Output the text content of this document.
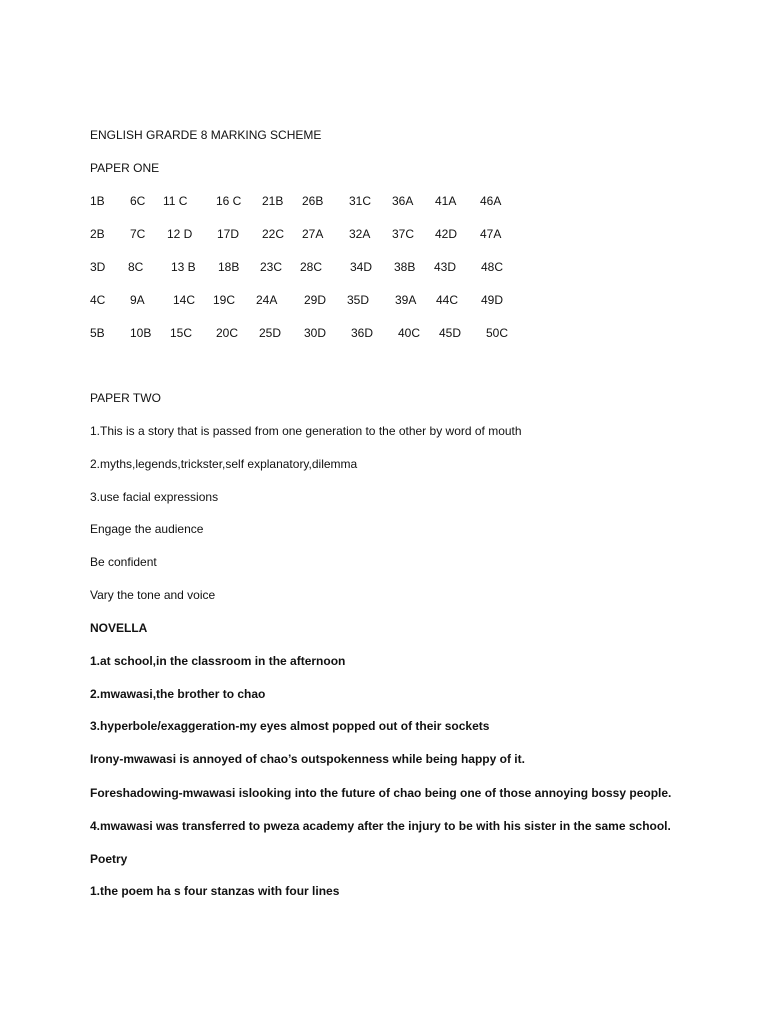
ENGLISH GRARDE 8 MARKING SCHEME
PAPER ONE
1B 6C 11 C 16 C 21B 26B 31C 36A 41A 46A
2B 7C 12 D 17D 22C 27A 32A 37C 42D 47A
3D 8C 13 B 18B 23C 28C 34D 38B 43D 48C
4C 9A 14C 19C 24A 29D 35D 39A 44C 49D
5B 10B 15C 20C 25D 30D 36D 40C 45D 50C
PAPER TWO
1.This is a story that is passed from one generation to the other by word of mouth
2.myths,legends,trickster,self explanatory,dilemma
3.use facial expressions
Engage the audience
Be confident
Vary the tone and voice
NOVELLA
1.at school,in the classroom in the afternoon
2.mwawasi,the brother to chao
3.hyperbole/exaggeration-my eyes almost popped out of their sockets
Irony-mwawasi is annoyed of chao’s outspokenness while being happy of it.
Foreshadowing-mwawasi islooking into the future of chao being one of those annoying bossy people.
4.mwawasi was transferred to pweza academy after the injury to be with his sister in the same school.
Poetry
1.the poem ha s four stanzas with four lines
